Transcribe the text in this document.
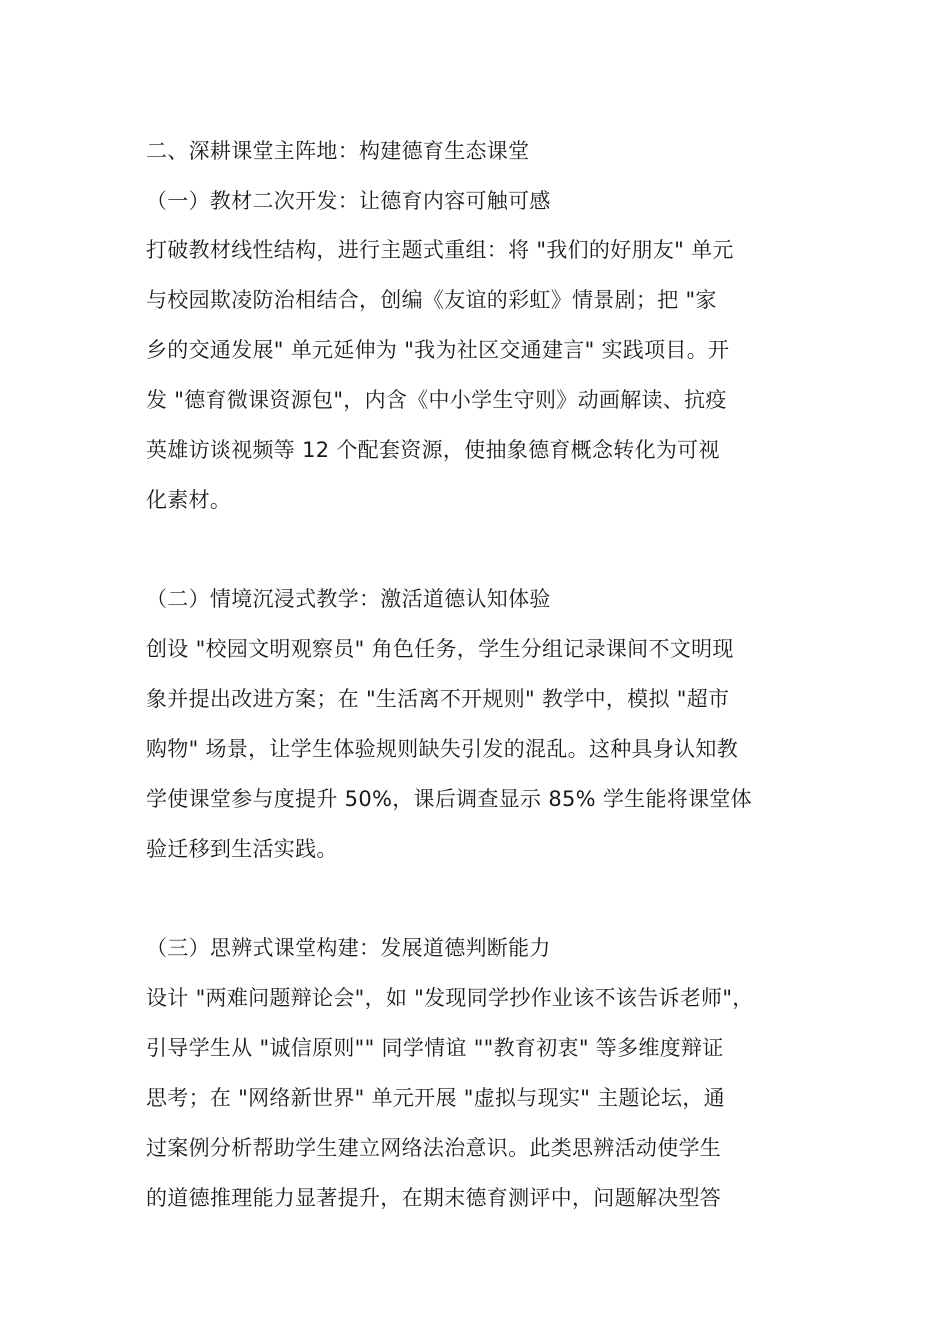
二、深耕课堂主阵地：构建德育生态课堂
（一）教材二次开发：让德育内容可触可感
打破教材线性结构，进行主题式重组：将 "我们的好朋友" 单元
与校园欺凌防治相结合，创编《友谊的彩虹》情景剧；把 "家
乡的交通发展" 单元延伸为 "我为社区交通建言" 实践项目。开
发 "德育微课资源包"，内含《中小学生守则》动画解读、抗疫
英雄访谈视频等 12 个配套资源，使抽象德育概念转化为可视
化素材。
（二）情境沉浸式教学：激活道德认知体验
创设 "校园文明观察员" 角色任务，学生分组记录课间不文明现
象并提出改进方案；在 "生活离不开规则" 教学中，模拟 "超市
购物" 场景，让学生体验规则缺失引发的混乱。这种具身认知教
学使课堂参与度提升 50%，课后调查显示 85% 学生能将课堂体
验迁移到生活实践。
（三）思辨式课堂构建：发展道德判断能力
设计 "两难问题辩论会"，如 "发现同学抄作业该不该告诉老师"，
引导学生从 "诚信原则"" 同学情谊 ""教育初衷" 等多维度辩证
思考；在 "网络新世界" 单元开展 "虚拟与现实" 主题论坛，通
过案例分析帮助学生建立网络法治意识。此类思辨活动使学生
的道德推理能力显著提升，在期末德育测评中，问题解决型答
